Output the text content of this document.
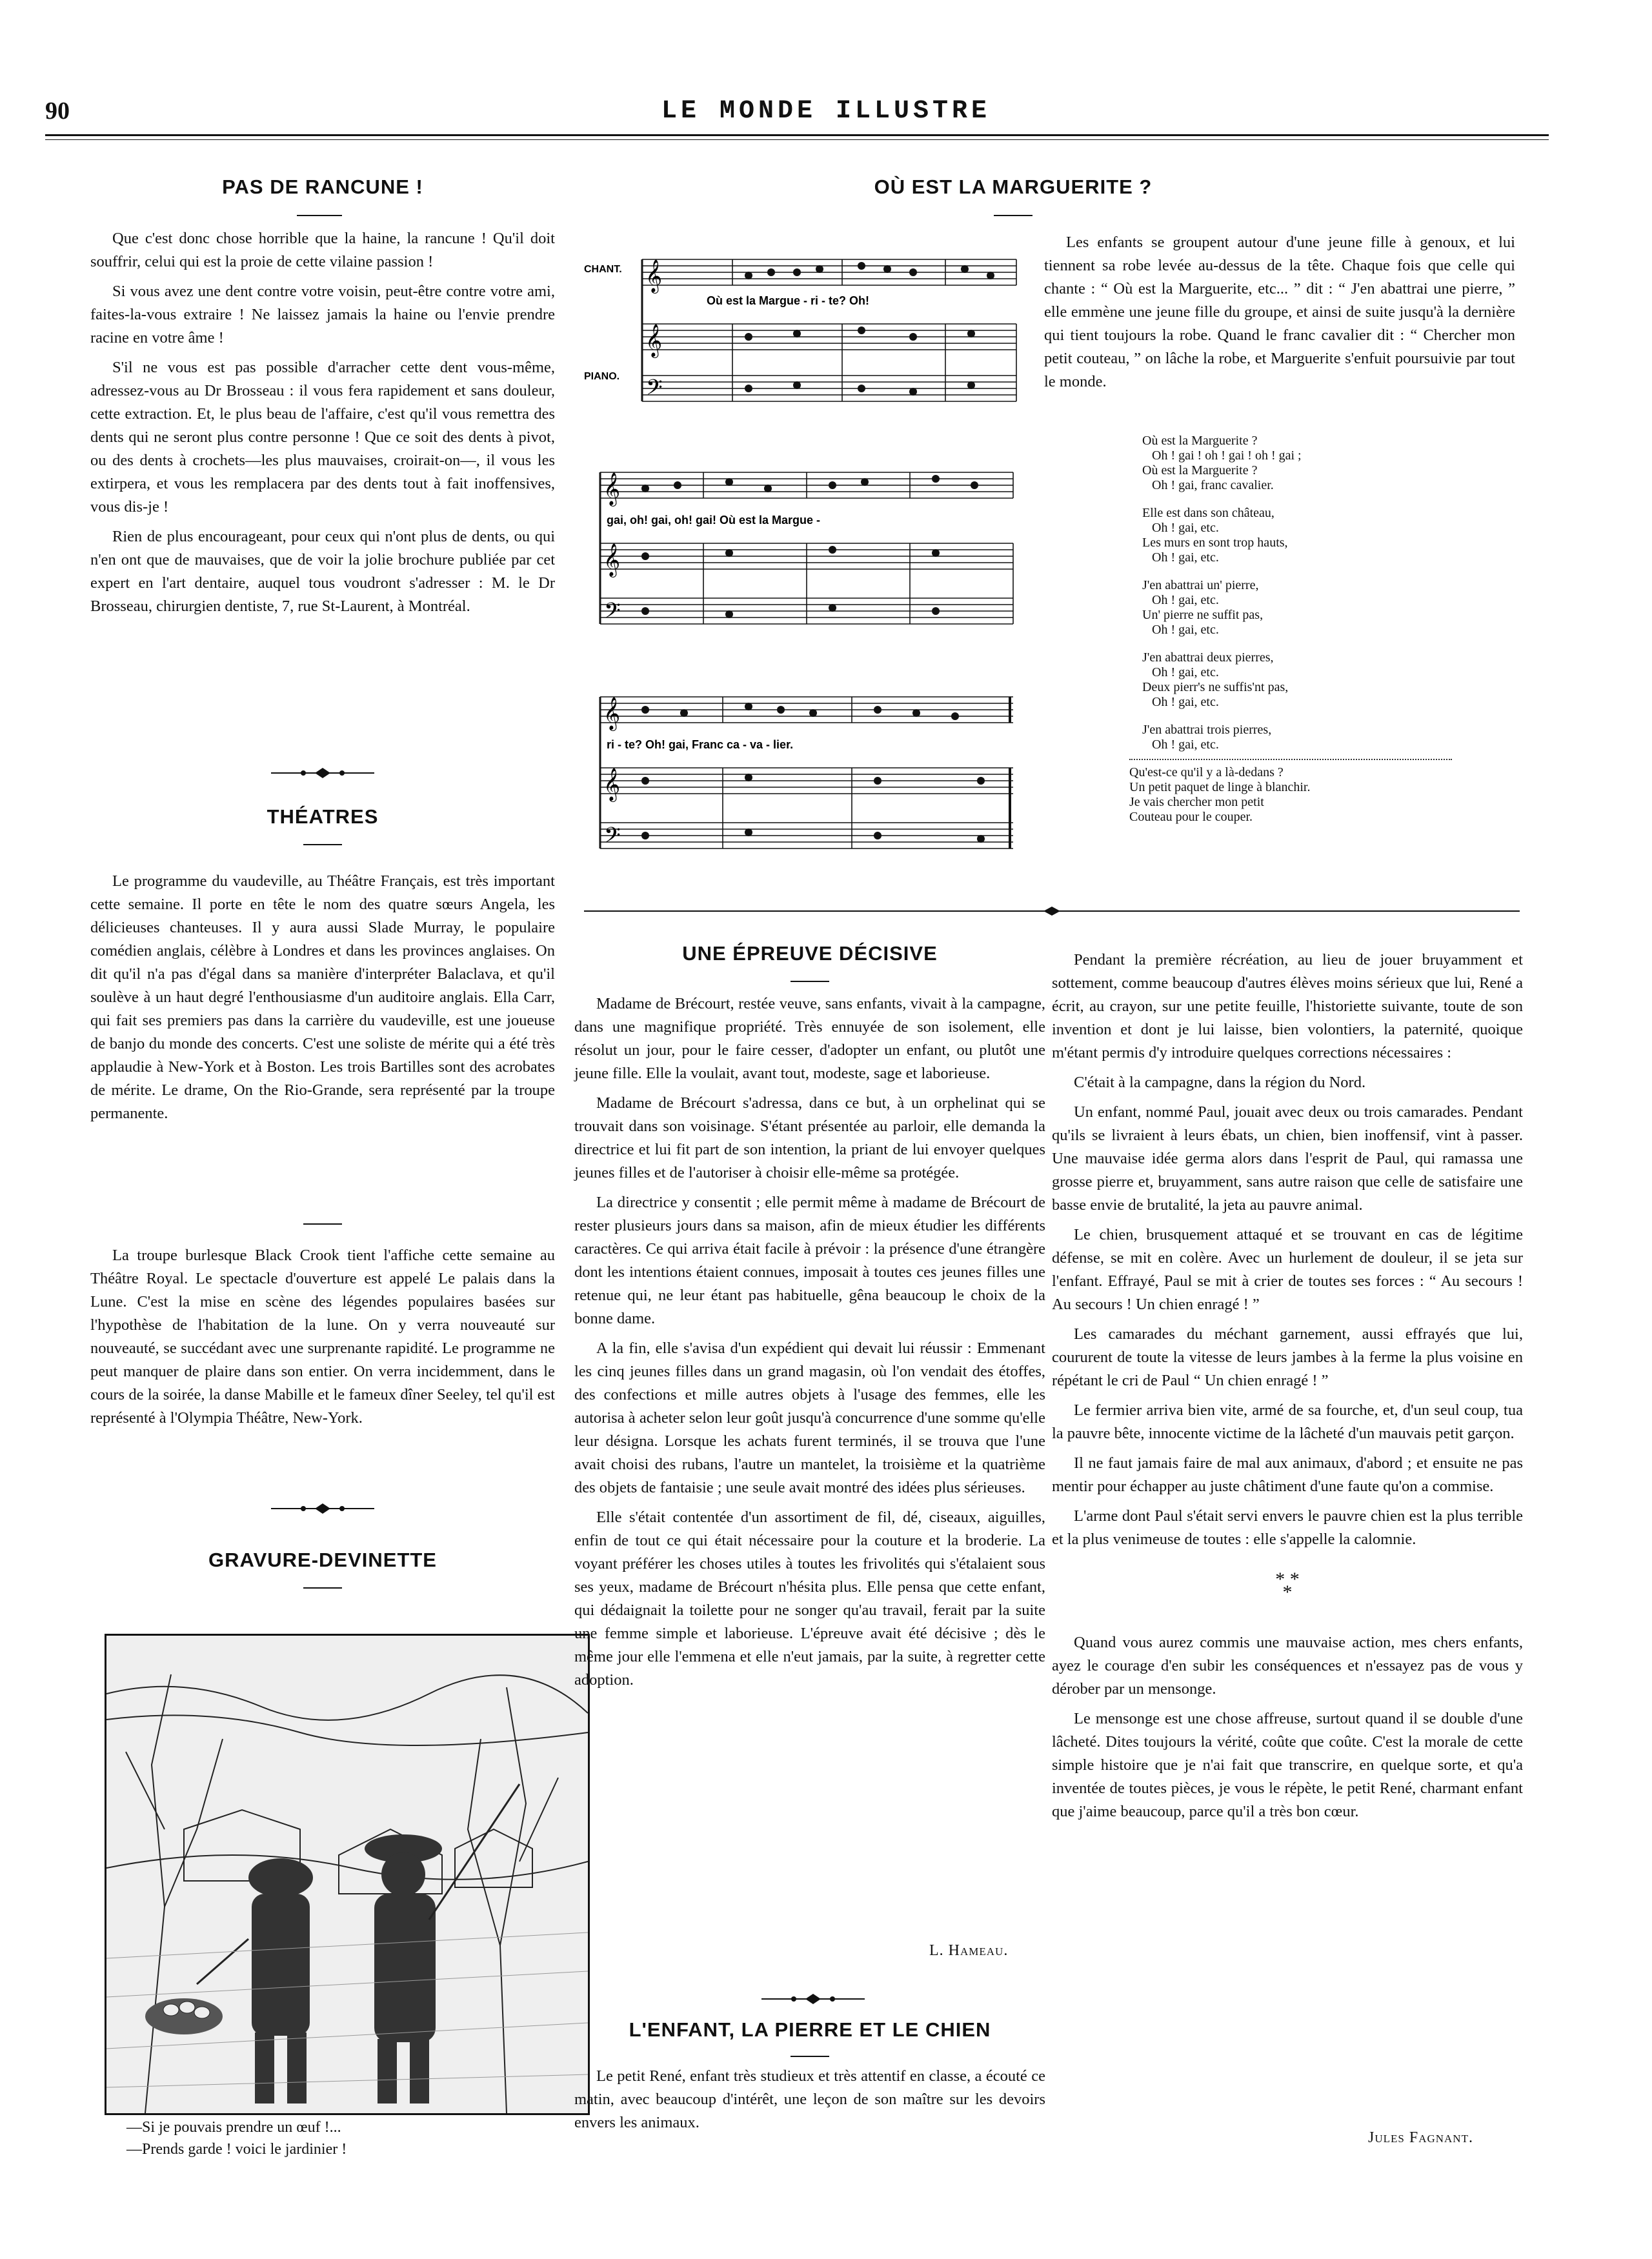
90	LE MONDE ILLUSTRE
PAS DE RANCUNE !

Que c'est donc chose horrible que la haine, la rancune ! Qu'il doit souffrir, celui qui est la proie de cette vilaine passion !

Si vous avez une dent contre votre voisin, peut-être contre votre ami, faites-la-vous extraire ! Ne laissez jamais la haine ou l'envie prendre racine en votre âme !

S'il ne vous est pas possible d'arracher cette dent vous-même, adressez-vous au Dr Brosseau : il vous fera rapidement et sans douleur, cette extraction. Et, le plus beau de l'affaire, c'est qu'il vous remettra des dents qui ne seront plus contre personne ! Que ce soit des dents à pivot, ou des dents à crochets—les plus mauvaises, croirait-on—, il vous les extirpera, et vous les remplacera par des dents tout à fait inoffensives, vous dis-je !

Rien de plus encourageant, pour ceux qui n'ont plus de dents, ou qui n'en ont que de mauvaises, que de voir la jolie brochure publiée par cet expert en l'art dentaire, auquel tous voudront s'adresser : M. le Dr Brosseau, chirurgien dentiste, 7, rue St-Laurent, à Montréal.

THÉATRES

Le programme du vaudeville, au Théâtre Français, est très important cette semaine. Il porte en tête le nom des quatre sœurs Angela, les délicieuses chanteuses. Il y aura aussi Slade Murray, le populaire comédien anglais, célèbre à Londres et dans les provinces anglaises. On dit qu'il n'a pas d'égal dans sa manière d'interpréter Balaclava, et qu'il soulève à un haut degré l'enthousiasme d'un auditoire anglais. Ella Carr, qui fait ses premiers pas dans la carrière du vaudeville, est une joueuse de banjo du monde des concerts. C'est une soliste de mérite qui a été très applaudie à New-York et à Boston. Les trois Bartilles sont des acrobates de mérite. Le drame, On the Rio-Grande, sera représenté par la troupe permanente.

La troupe burlesque Black Crook tient l'affiche cette semaine au Théâtre Royal. Le spectacle d'ouverture est appelé Le palais dans la Lune. C'est la mise en scène des légendes populaires basées sur l'hypothèse de l'habitation de la lune. On y verra nouveauté sur nouveauté, se succédant avec une surprenante rapidité. Le programme ne peut manquer de plaire dans son entier. On verra incidemment, dans le cours de la soirée, la danse Mabille et le fameux dîner Seeley, tel qu'il est représenté à l'Olympia Théâtre, New-York.

GRAVURE-DEVINETTE
—Si je pouvais prendre un œuf !...
—Prends garde ! voici le jardinier !
OÙ EST LA MARGUERITE ?
CHANT.
PIANO.
𝄞
𝄞
𝄢
Où est la Margue - ri - te? Oh!
𝄞
𝄞
𝄢
gai, oh! gai, oh! gai! Où est la Margue -
𝄞
𝄞
𝄢
ri - te? Oh! gai, Franc ca - va - lier.

Les enfants se groupent autour d'une jeune fille à genoux, et lui tiennent sa robe levée au-dessus de la tête. Chaque fois que celle qui chante : “ Où est la Marguerite, etc... ” dit : “ J'en abattrai une pierre, ” elle emmène une jeune fille du groupe, et ainsi de suite jusqu'à la dernière qui tient toujours la robe. Quand le franc cavalier dit : “ Chercher mon petit couteau, ” on lâche la robe, et Marguerite s'enfuit poursuivie par tout le monde.

Où est la Marguerite ?
Oh ! gai ! oh ! gai ! oh ! gai ;
Où est la Marguerite ?
Oh ! gai, franc cavalier.
Elle est dans son château,
Oh ! gai, etc.
Les murs en sont trop hauts,
Oh ! gai, etc.
J'en abattrai un' pierre,
Oh ! gai, etc.
Un' pierre ne suffit pas,
Oh ! gai, etc.
J'en abattrai deux pierres,
Oh ! gai, etc.
Deux pierr's ne suffis'nt pas,
Oh ! gai, etc.
J'en abattrai trois pierres,
Oh ! gai, etc.
Qu'est-ce qu'il y a là-dedans ?
Un petit paquet de linge à blanchir.
Je vais chercher mon petit
Couteau pour le couper.
UNE ÉPREUVE DÉCISIVE

Madame de Brécourt, restée veuve, sans enfants, vivait à la campagne, dans une magnifique propriété. Très ennuyée de son isolement, elle résolut un jour, pour le faire cesser, d'adopter un enfant, ou plutôt une jeune fille. Elle la voulait, avant tout, modeste, sage et laborieuse.

Madame de Brécourt s'adressa, dans ce but, à un orphelinat qui se trouvait dans son voisinage. S'étant présentée au parloir, elle demanda la directrice et lui fit part de son intention, la priant de lui envoyer quelques jeunes filles et de l'autoriser à choisir elle-même sa protégée.

La directrice y consentit ; elle permit même à madame de Brécourt de rester plusieurs jours dans sa maison, afin de mieux étudier les différents caractères. Ce qui arriva était facile à prévoir : la présence d'une étrangère dont les intentions étaient connues, imposait à toutes ces jeunes filles une retenue qui, ne leur étant pas habituelle, gêna beaucoup le choix de la bonne dame.

A la fin, elle s'avisa d'un expédient qui devait lui réussir : Emmenant les cinq jeunes filles dans un grand magasin, où l'on vendait des étoffes, des confections et mille autres objets à l'usage des femmes, elle les autorisa à acheter selon leur goût jusqu'à concurrence d'une somme qu'elle leur désigna. Lorsque les achats furent terminés, il se trouva que l'une avait choisi des rubans, l'autre un mantelet, la troisième et la quatrième des objets de fantaisie ; une seule avait montré des idées plus sérieuses.

Elle s'était contentée d'un assortiment de fil, dé, ciseaux, aiguilles, enfin de tout ce qui était nécessaire pour la couture et la broderie. La voyant préférer les choses utiles à toutes les frivolités qui s'étalaient sous ses yeux, madame de Brécourt n'hésita plus. Elle pensa que cette enfant, qui dédaignait la toilette pour ne songer qu'au travail, ferait par la suite une femme simple et laborieuse. L'épreuve avait été décisive ; dès le même jour elle l'emmena et elle n'eut jamais, par la suite, à regretter cette adoption.

L. Hameau.
L'ENFANT, LA PIERRE ET LE CHIEN

Le petit René, enfant très studieux et très attentif en classe, a écouté ce matin, avec beaucoup d'intérêt, une leçon de son maître sur les devoirs envers les animaux.

Pendant la première récréation, au lieu de jouer bruyamment et sottement, comme beaucoup d'autres élèves moins sérieux que lui, René a écrit, au crayon, sur une petite feuille, l'historiette suivante, toute de son invention et dont je lui laisse, bien volontiers, la paternité, quoique m'étant permis d'y introduire quelques corrections nécessaires :

C'était à la campagne, dans la région du Nord.

Un enfant, nommé Paul, jouait avec deux ou trois camarades. Pendant qu'ils se livraient à leurs ébats, un chien, bien inoffensif, vint à passer. Une mauvaise idée germa alors dans l'esprit de Paul, qui ramassa une grosse pierre et, bruyamment, sans autre raison que celle de satisfaire une basse envie de brutalité, la jeta au pauvre animal.

Le chien, brusquement attaqué et se trouvant en cas de légitime défense, se mit en colère. Avec un hurlement de douleur, il se jeta sur l'enfant. Effrayé, Paul se mit à crier de toutes ses forces : “ Au secours ! Au secours ! Un chien enragé ! ”

Les camarades du méchant garnement, aussi effrayés que lui, coururent de toute la vitesse de leurs jambes à la ferme la plus voisine en répétant le cri de Paul “ Un chien enragé ! ”

Le fermier arriva bien vite, armé de sa fourche, et, d'un seul coup, tua la pauvre bête, innocente victime de la lâcheté d'un mauvais petit garçon.

Il ne faut jamais faire de mal aux animaux, d'abord ; et ensuite ne pas mentir pour échapper au juste châtiment d'une faute qu'on a commise.

L'arme dont Paul s'était servi envers le pauvre chien est la plus terrible et la plus venimeuse de toutes : elle s'appelle la calomnie.

* *
*

Quand vous aurez commis une mauvaise action, mes chers enfants, ayez le courage d'en subir les conséquences et n'essayez pas de vous y dérober par un mensonge.

Le mensonge est une chose affreuse, surtout quand il se double d'une lâcheté. Dites toujours la vérité, coûte que coûte. C'est la morale de cette simple histoire que je n'ai fait que transcrire, en quelque sorte, et qu'a inventée de toutes pièces, je vous le répète, le petit René, charmant enfant que j'aime beaucoup, parce qu'il a très bon cœur.

Jules Fagnant.
